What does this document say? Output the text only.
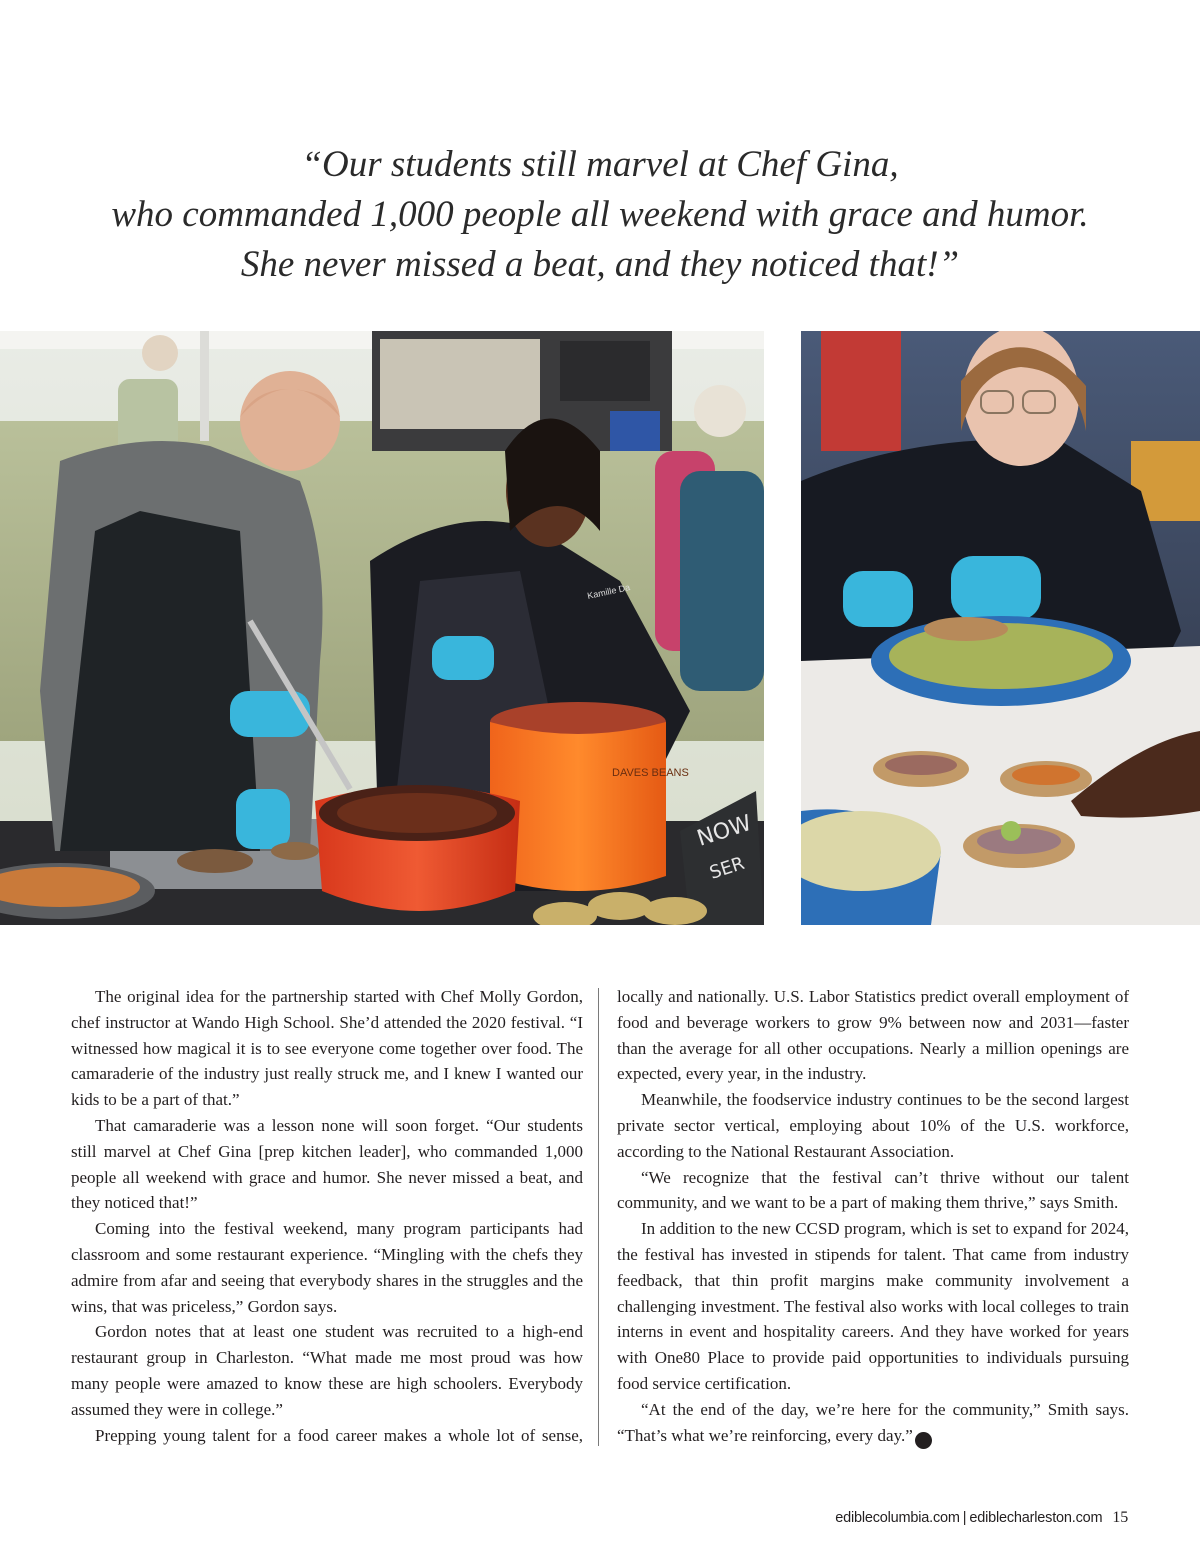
“Our students still marvel at Chef Gina,
who commanded 1,000 people all weekend with grace and humor.
She never missed a beat, and they noticed that!”
DAVES BEANS
NOW
SER
Kamille Da

The original idea for the partnership started with Chef Molly Gordon, chef instructor at Wando High School. She’d attended the 2020 festival. “I witnessed how magical it is to see everyone come together over food. The camaraderie of the industry just really struck me, and I knew I wanted our kids to be a part of that.”

That camaraderie was a lesson none will soon forget. “Our students still marvel at Chef Gina [prep kitchen leader], who commanded 1,000 people all weekend with grace and humor. She never missed a beat, and they noticed that!”

Coming into the festival weekend, many program participants had classroom and some restaurant experience. “Mingling with the chefs they admire from afar and seeing that everybody shares in the struggles and the wins, that was priceless,” Gordon says.

Gordon notes that at least one student was recruited to a high-end restaurant group in Charleston. “What made me most proud was how many people were amazed to know these are high schoolers. Everybody assumed they were in college.”

Prepping young talent for a food career makes a whole lot of sense,

locally and nationally. U.S. Labor Statistics predict overall employment of food and beverage workers to grow 9% between now and 2031—faster than the average for all other occupations. Nearly a million openings are expected, every year, in the industry.

Meanwhile, the foodservice industry continues to be the second largest private sector vertical, employing about 10% of the U.S. workforce, according to the National Restaurant Association.

“We recognize that the festival can’t thrive without our talent community, and we want to be a part of making them thrive,” says Smith.

In addition to the new CCSD program, which is set to expand for 2024, the festival has invested in stipends for talent. That came from industry feedback, that thin profit margins make community involvement a challenging investment. The festival also works with local colleges to train interns in event and hospitality careers. And they have worked for years with One80 Place to provide paid opportunities to individuals pursuing food service certification.

“At the end of the day, we’re here for the community,” Smith says. “That’s what we’re reinforcing, every day.” e

ediblecolumbia.com | ediblecharleston.com 15
